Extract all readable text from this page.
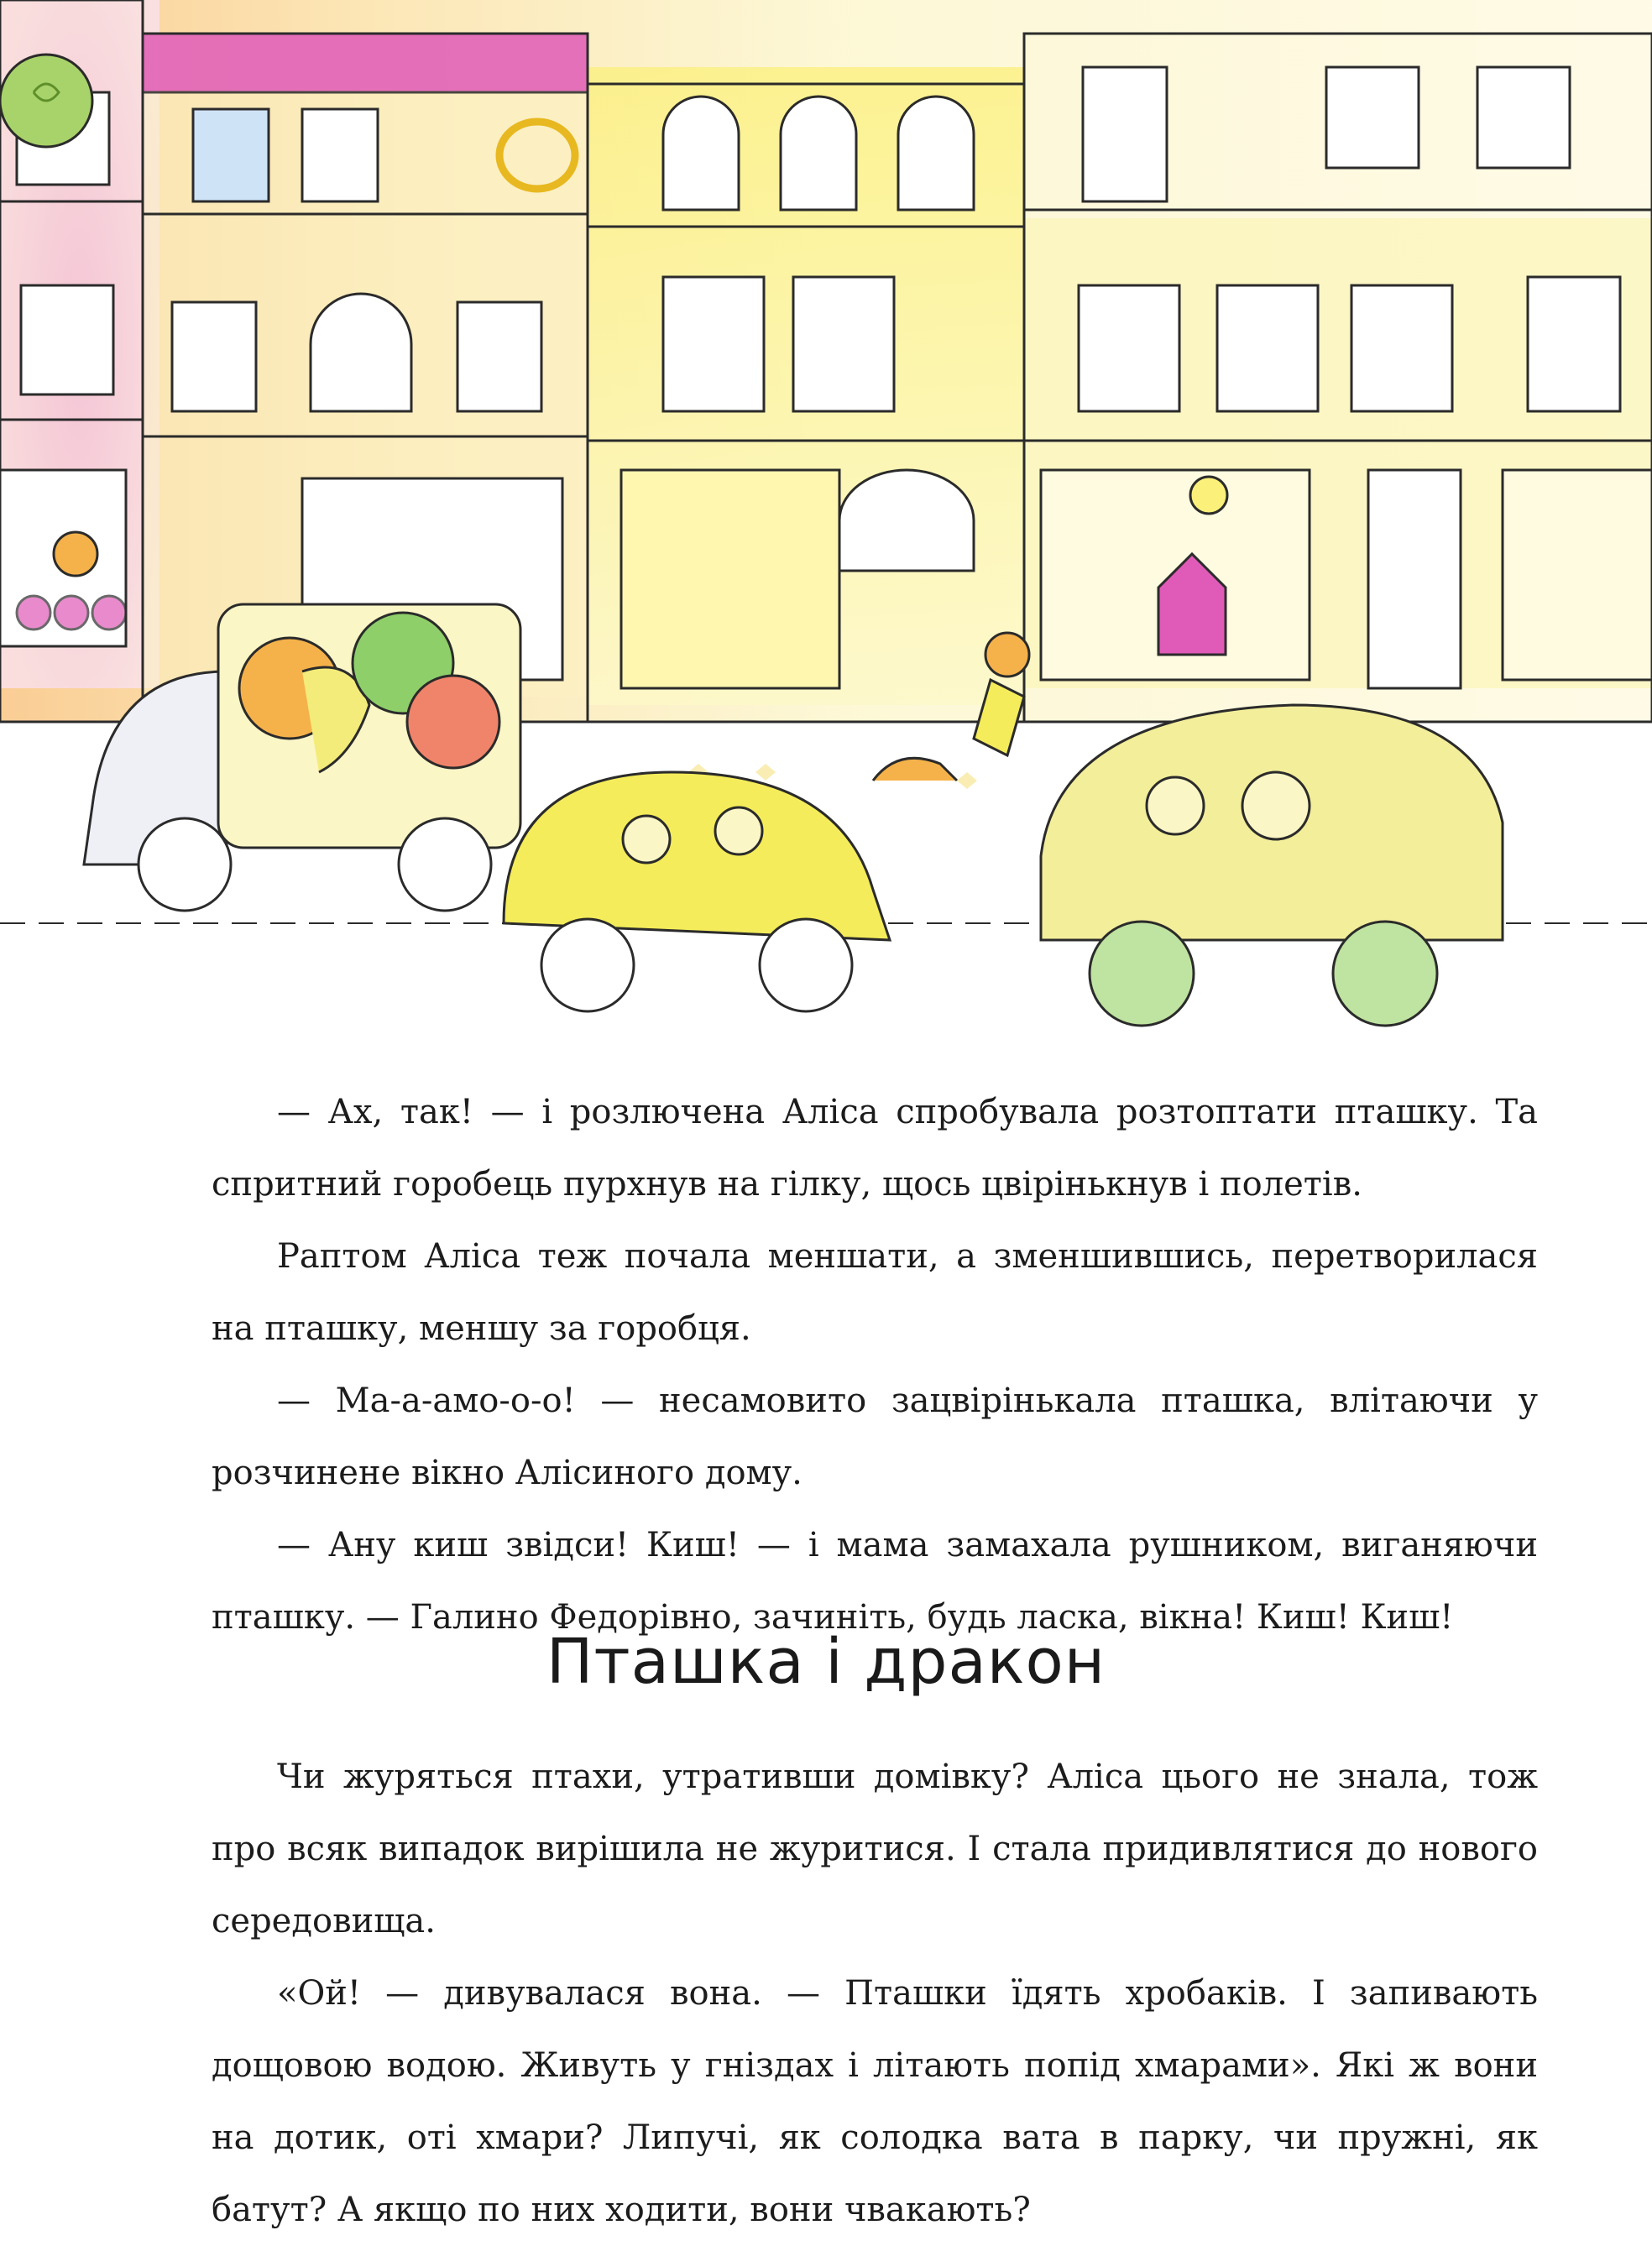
— Ах, так! — і розлючена Аліса спробувала розтоптати пташку. Та спритний горобець пурхнув на гілку, щось цвірінькнув і полетів.

Раптом Аліса теж почала меншати, а зменшившись, перетворилася на пташку, меншу за горобця.

— Ма-а-амо-о-о! — несамовито зацвірінькала пташка, влітаючи у розчинене вікно Алісиного дому.

— Ану киш звідси! Киш! — і мама замахала рушником, виганяючи пташку. — Галино Федорівно, зачиніть, будь ласка, вікна! Киш! Киш!

Пташка і дракон

Чи журяться птахи, утративши домівку? Аліса цього не знала, тож про всяк випадок вирішила не журитися. І стала придивлятися до нового середовища.

«Ой! — дивувалася вона. — Пташки їдять хробаків. І запивають дощовою водою. Живуть у гніздах і літають попід хмарами». Які ж вони на дотик, оті хмари? Липучі, як солодка вата в парку, чи пружні, як батут? А якщо по них ходити, вони чвакають?
